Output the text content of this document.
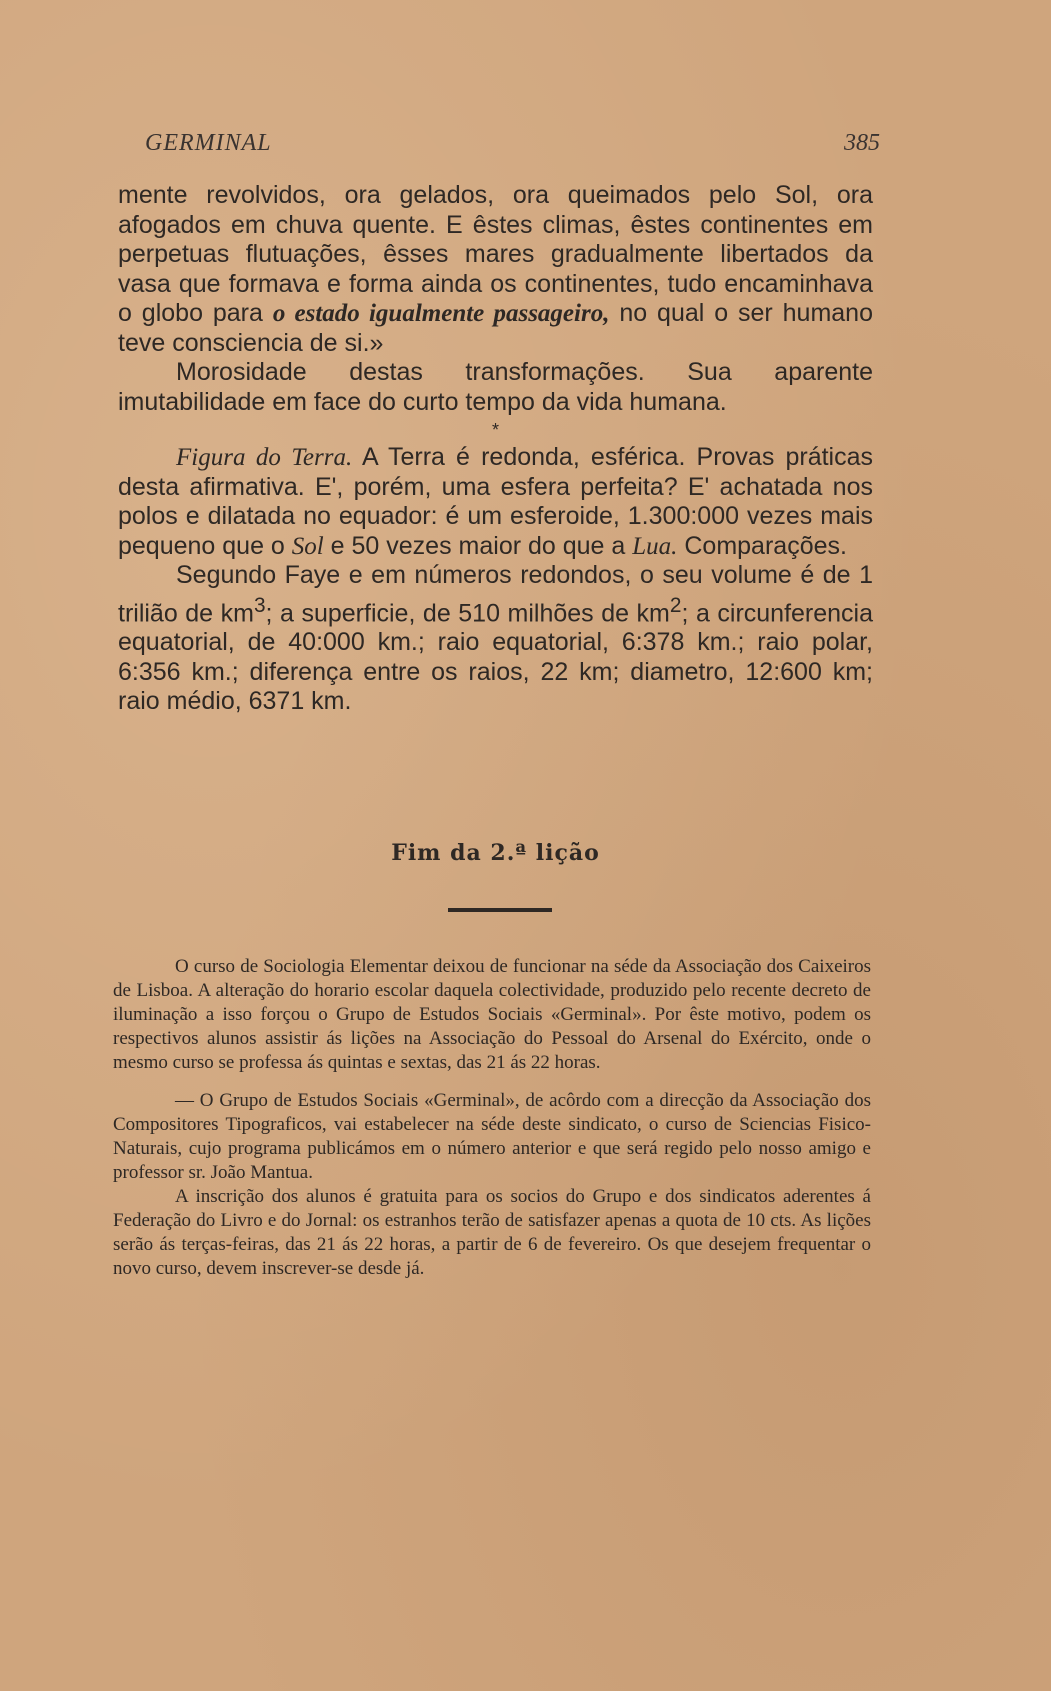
GERMINAL	385

mente revolvidos, ora gelados, ora queimados pelo Sol, ora afogados em chuva quente. E êstes climas, êstes continentes em perpetuas flutuações, êsses mares gradualmente libertados da vasa que formava e forma ainda os continentes, tudo encaminhava o globo para o estado igualmente passageiro, no qual o ser humano teve consciencia de si.»

Morosidade destas transformações. Sua aparente imutabilidade em face do curto tempo da vida humana.

*

Figura do Terra. A Terra é redonda, esférica. Provas práticas desta afirmativa. E', porém, uma esfera perfeita? E' achatada nos polos e dilatada no equador: é um esferoide, 1.300:000 vezes mais pequeno que o Sol e 50 vezes maior do que a Lua. Comparações.

Segundo Faye e em números redondos, o seu volume é de 1 trilião de $km^3$; a superficie, de 510 milhões de $km^2$; a circunferencia equatorial, de 40:000 km.; raio equatorial, 6:378 km.; raio polar, 6:356 km.; diferença entre os raios, 22 km; diametro, 12:600 km; raio médio, 6371 km.

Fim da 2.ª lição

O curso de Sociologia Elementar deixou de funcionar na séde da Associação dos Caixeiros de Lisboa. A alteração do horario escolar daquela colectividade, produzido pelo recente decreto de iluminação a isso forçou o Grupo de Estudos Sociais «Germinal». Por êste motivo, podem os respectivos alunos assistir ás lições na Associação do Pessoal do Arsenal do Exército, onde o mesmo curso se professa ás quintas e sextas, das 21 ás 22 horas.

— O Grupo de Estudos Sociais «Germinal», de acôrdo com a direcção da Associação dos Compositores Tipograficos, vai estabelecer na séde deste sindicato, o curso de Sciencias Fisico-Naturais, cujo programa publicámos em o número anterior e que será regido pelo nosso amigo e professor sr. João Mantua.

A inscrição dos alunos é gratuita para os socios do Grupo e dos sindicatos aderentes á Federação do Livro e do Jornal: os estranhos terão de satisfazer apenas a quota de 10 cts. As lições serão ás terças-feiras, das 21 ás 22 horas, a partir de 6 de fevereiro. Os que desejem frequentar o novo curso, devem inscrever-se desde já.
